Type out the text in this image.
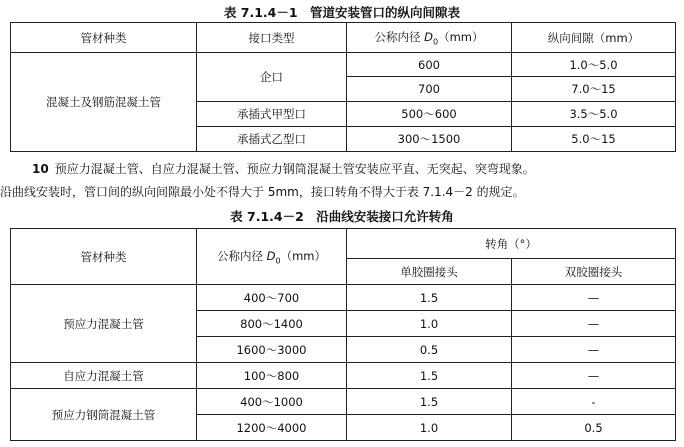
表 7.1.4－1　管道安装管口的纵向间隙表
管材种类	接口类型	公称内径 $D_0(mm)$	纵向间隙（mm）
混凝土及钢筋混凝土管	企口	600	1.0～5.0
		700	7.0～15
	承插式甲型口	500～600	3.5～5.0
	承插式乙型口	300～1500	5.0～15
10 预应力混凝土管、自应力混凝土管、预应力钢筒混凝土管安装应平直、无突起、突弯现象。
沿曲线安装时，管口间的纵向间隙最小处不得大于 5mm，接口转角不得大于表 7.1.4－2 的规定。
表 7.1.4－2　沿曲线安装接口允许转角
管材种类	公称内径 $D_0(mm)$	转角（°）	
		单胶圈接头	双胶圈接头
预应力混凝土管	400～700	1.5	—
	800～1400	1.0	—
	1600～3000	0.5	—
自应力混凝土管	100～800	1.5	—
预应力钢筒混凝土管	400～1000	1.5	-
	1200～4000	1.0	0.5
